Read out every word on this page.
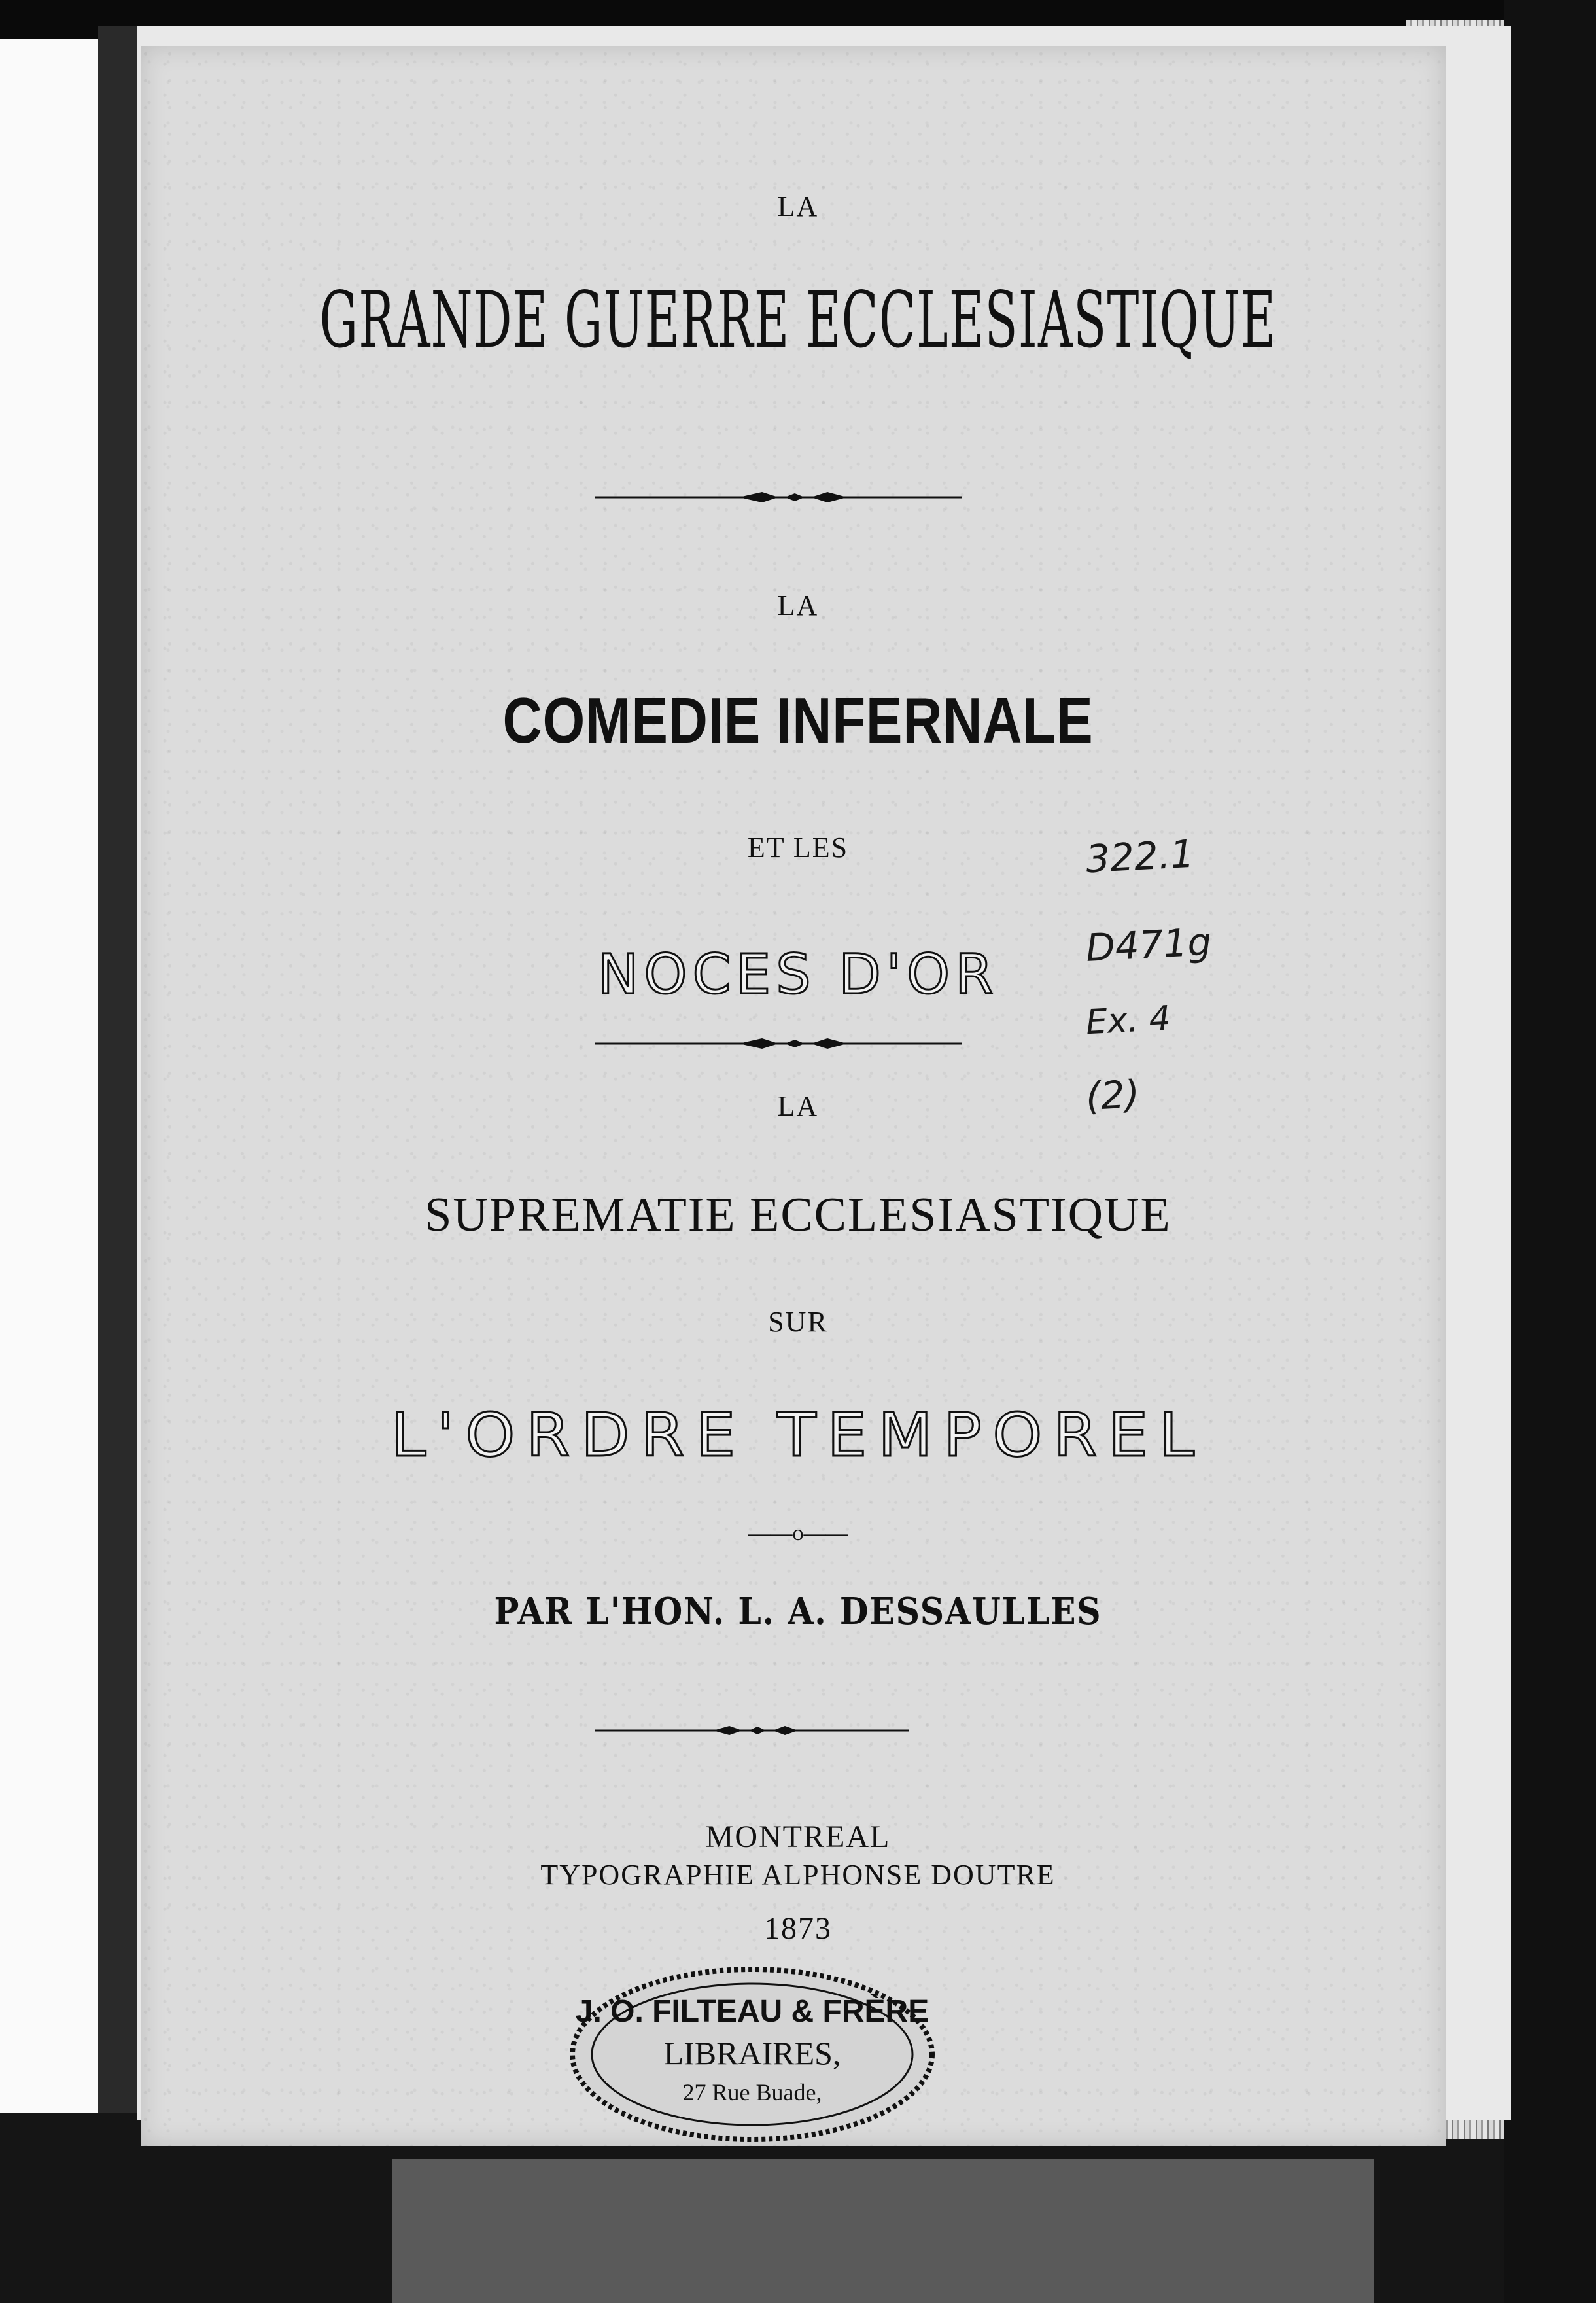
LA
GRANDE GUERRE ECCLESIASTIQUE
LA
COMEDIE INFERNALE
ET LES
NOCES D'OR
LA
SUPREMATIE ECCLESIASTIQUE
SUR
L'ORDRE TEMPOREL
——o——
PAR L'HON. L. A. DESSAULLES
MONTREAL
TYPOGRAPHIE ALPHONSE DOUTRE
1873
322.1
D471g
Ex. 4
(2)
J. O. FILTEAU & FRÈRE
LIBRAIRES,
27 Rue Buade,
